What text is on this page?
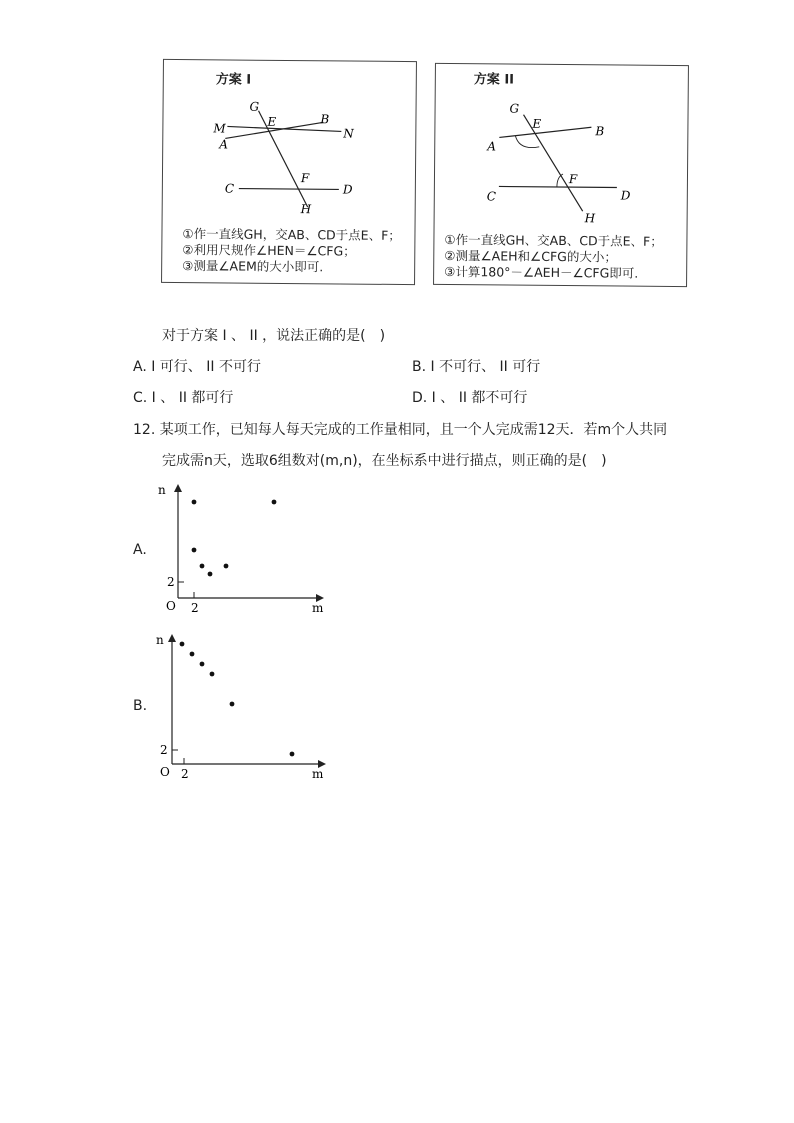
方案 I
G
E	B
M	N
A
F
C	D
H
①作一直线GH，交AB、CD于点E、F；
②利用尺规作∠HEN＝∠CFG；
③测量∠AEM的大小即可.
方案 II
G
E
B
A
F
C	D
H
①作一直线GH、交AB、CD于点E、F；
②测量∠AEH和∠CFG的大小；
③计算180°－∠AEH－∠CFG即可.
对于方案 I 、 II ，说法正确的是(　)
A. I 可行、 II 不可行	B. I 不可行、 II 可行
C. I 、 II 都可行	D. I 、 II 都不可行
12. 某项工作，已知每人每天完成的工作量相同，且一个人完成需12天．若m个人共同
完成需n天，选取6组数对(m,n)，在坐标系中进行描点，则正确的是(　)
A.
n
m
O 2
2
B.
n
m
O 2
2
